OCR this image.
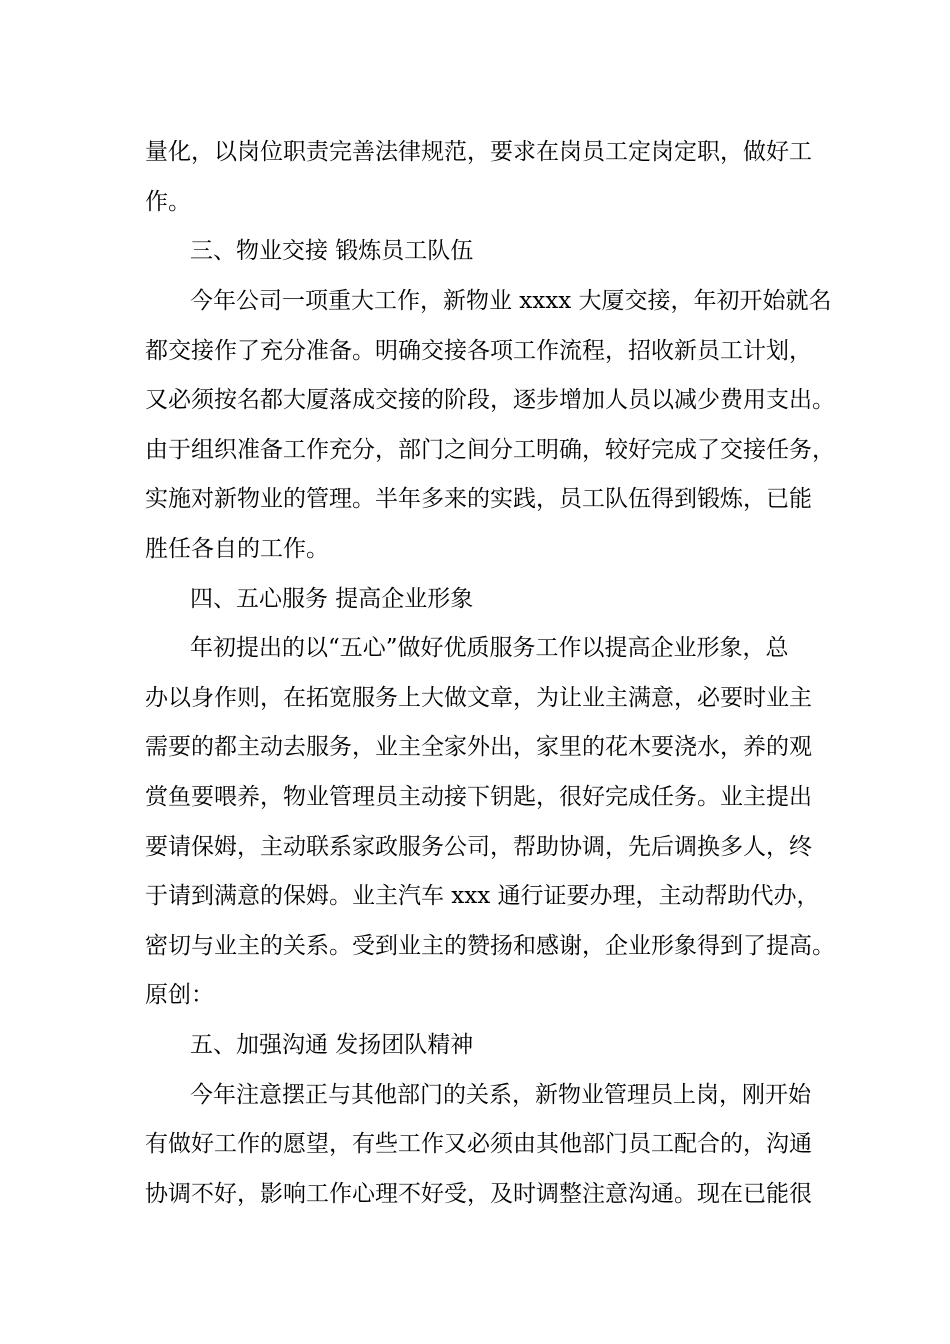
量化，以岗位职责完善法律规范，要求在岗员工定岗定职，做好工
作。
三、物业交接 锻炼员工队伍
今年公司一项重大工作，新物业 xxxx 大厦交接，年初开始就名
都交接作了充分准备。明确交接各项工作流程，招收新员工计划，
又必须按名都大厦落成交接的阶段，逐步增加人员以减少费用支出。
由于组织准备工作充分，部门之间分工明确，较好完成了交接任务，
实施对新物业的管理。半年多来的实践，员工队伍得到锻炼，已能
胜任各自的工作。
四、五心服务 提高企业形象
年初提出的以“五心”做好优质服务工作以提高企业形象，总
办以身作则，在拓宽服务上大做文章，为让业主满意，必要时业主
需要的都主动去服务，业主全家外出，家里的花木要浇水，养的观
赏鱼要喂养，物业管理员主动接下钥匙，很好完成任务。业主提出
要请保姆，主动联系家政服务公司，帮助协调，先后调换多人，终
于请到满意的保姆。业主汽车 xxx 通行证要办理，主动帮助代办，
密切与业主的关系。受到业主的赞扬和感谢，企业形象得到了提高。
原创：
五、加强沟通 发扬团队精神
今年注意摆正与其他部门的关系，新物业管理员上岗，刚开始
有做好工作的愿望，有些工作又必须由其他部门员工配合的，沟通
协调不好，影响工作心理不好受，及时调整注意沟通。现在已能很
